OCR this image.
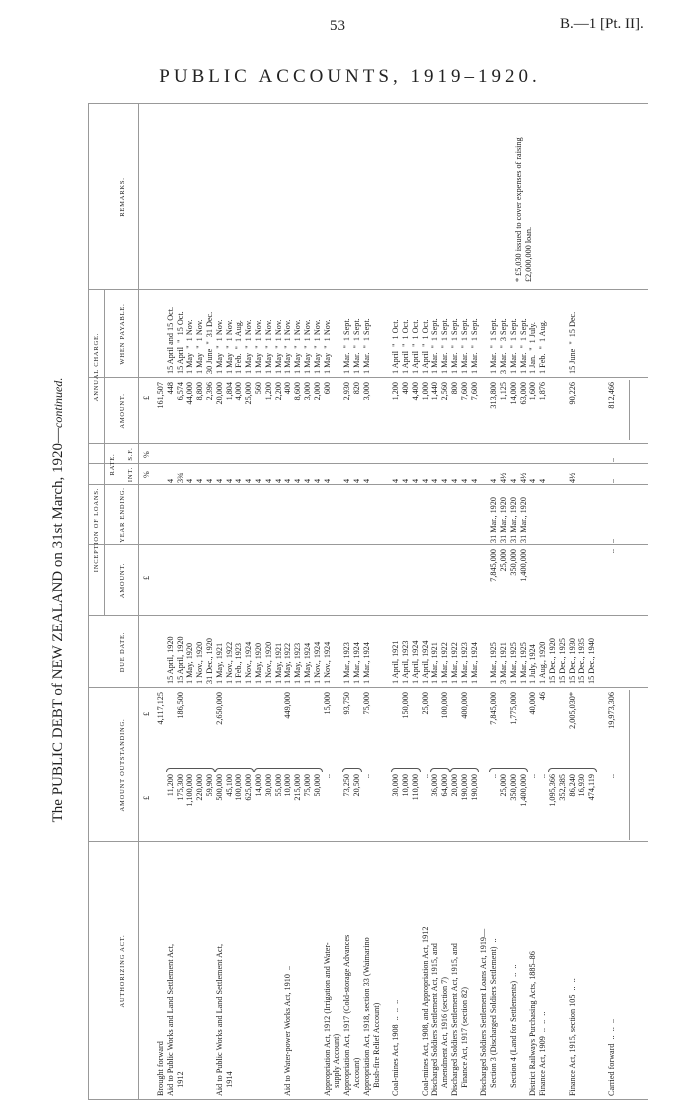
53	B.—1 [Pt. II].
PUBLIC ACCOUNTS, 1919–1920.
The PUBLIC DEBT of NEW ZEALAND on 31st March, 1920—continued.
AUTHORIZING ACT.
AMOUNT OUTSTANDING.
DUE DATE.
INCEPTION OF LOANS.
AMOUNT.
YEAR ENDING.
RATE. INT.
S.F.
ANNUAL CHARGE.
AMOUNT.
WHEN PAYABLE.
REMARKS.
£
£
£
%
%
£
Brought forward
4,117,125
161,507
Aid to Public Works and Land Settlement Act,
11,200
15 April, 1920
4
448
15 April and 15 Oct.
1912
175,300
186,500
15 April, 1920
3¾
6,574
15 April  "  15 Oct.
1,100,000
1 May, 1920
4
44,000
1 May  "  1 Nov.
220,000
1 Nov., 1920
4
8,800
1 May  "  1 Nov.
59,900
31 Dec., 1920
4
2,396
30 June  "  31 Dec.
Aid to Public Works and Land Settlement Act,
500,000
2,650,000
1 May, 1921
4
20,000
1 May  "  1 Nov.
1914
45,100
1 Nov., 1922
4
1,804
1 May  "  1 Nov.
100,000
1 Feb., 1923
4
4,000
1 Feb.  "  1 Aug.
625,000
1 Nov., 1924
4
25,000
1 May  "  1 Nov.
14,000
1 May, 1920
4
560
1 May  "  1 Nov.
30,000
1 Nov., 1920
4
1,200
1 May  "  1 Nov.
55,000
1 May, 1921
4
2,200
1 May  "  1 Nov.
Aid to Water-power Works Act, 1910  ..
10,000
449,000
1 May, 1922
4
400
1 May  "  1 Nov.
215,000
1 May, 1923
4
8,600
1 May  "  1 Nov.
75,000
1 May, 1924
4
3,000
1 May  "  1 Nov.
50,000
1 Nov., 1924
4
2,000
1 May  "  1 Nov.
Appropriation Act, 1912 (Irrigation and Water-
..
15,000
1 Nov., 1924
4
600
1 May  "  1 Nov.
supply Account) Appropriation Act, 1917 (Cold-storage Advances
73,250
93,750
1 Mar., 1923
4
2,930
1 Mar.  "  1 Sept.
Account)
20,500
1 Mar., 1924
4
820
1 Mar.  "  1 Sept.
Appropriation Act, 1918, section 33 (Waimarino
..
75,000
1 Mar., 1924
4
3,000
1 Mar.  "  1 Sept.
Bush-fire Relief Account) Coal-mines Act, 1908  ..  ..  ..
30,000
1 April, 1921
4
1,200
1 April  "  1 Oct.
10,000
150,000
1 April, 1923
4
400
1 April  "  1 Oct.
110,000
1 April, 1924
4
4,400
1 April  "  1 Oct.
Coal-mines Act, 1908, and Appropriation Act, 1912
..
25,000
1 April, 1924
4
1,000
1 April  "  1 Oct.
Discharged Soldiers Settlement Act, 1915, and
36,000
1 Mar., 1921
4
1,440
1 Mar.  "  1 Sept.
Amendment Act, 1916 (section 7)
64,000
100,000
1 Mar., 1922
4
2,560
1 Mar.  "  1 Sept.
Discharged Soldiers Settlement Act, 1915, and
20,000
1 Mar., 1922
4
800
1 Mar.  "  1 Sept.
Finance Act, 1917 (section 82)
190,000
400,000
1 Mar., 1923
4
7,600
1 Mar.  "  1 Sept.
190,000
1 Mar., 1924
4
7,600
1 Mar.  "  1 Sept.
Discharged Soldiers Settlement Loans Act, 1919— Section 3 (Discharged Soldiers Settlement)  ..
..
7,845,000
1 Mar., 1925
7,845,000
31 Mar., 1920
4
313,800
1 Mar.  "  1 Sept.
25,000
3 Mar., 1921
25,000
31 Mar., 1920
4½
1,125
3 Mar.  "  3 Sept.
Section 4 (Land for Settlements)  ..  ..
350,000
1,775,000
1 Mar., 1925
350,000
31 Mar., 1920
4
14,000
1 Mar.  "  1 Sept.
1,400,000
1 Mar., 1925
1,400,000
31 Mar., 1920
4½
63,000
1 Mar.  "  1 Sept.
District Railways Purchasing Acts, 1885–86
..
40,000
1 July, 1924
4
1,600
1 Jan.  "  1 July.
Finance Act, 1909  ..  ..  ..
..
46
1 Aug., 1920
4
1,876
1 Feb.  "  1 Aug.
1,095,366
15 Dec., 1920
352,385
15 Dec., 1925
Finance Act, 1915, section 105  ..  ..
86,240
2,005,030*
15 Dec., 1930
4½
90,226
15 June  "  15 Dec.
16,930
15 Dec., 1935
474,119
15 Dec., 1940
Carried forward  ..  ..  ..
..
19,973,306
..
..
..
..
812,466
* £5,030 issued to cover expenses of raising £2,000,000 loan.
